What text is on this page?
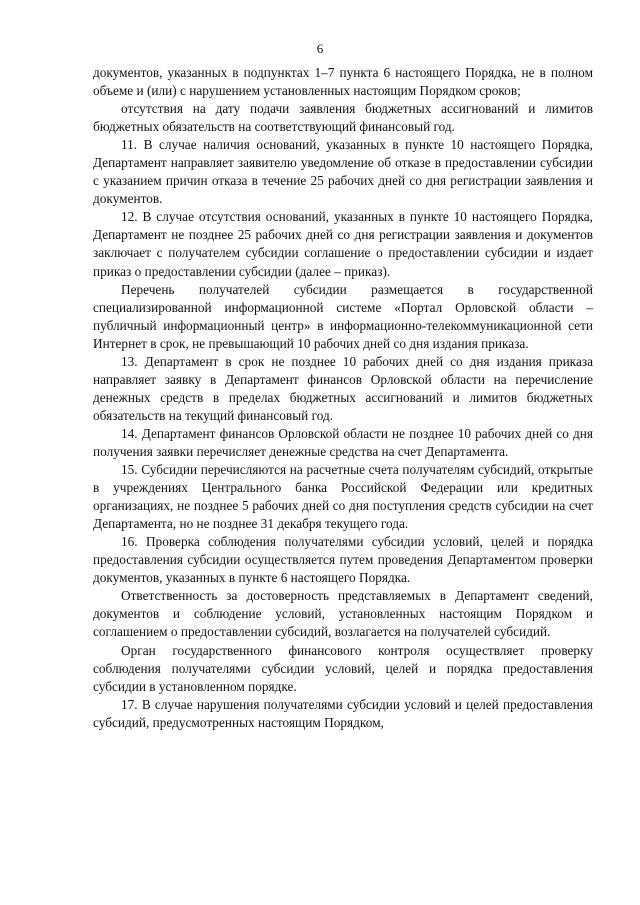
6

документов, указанных в подпунктах 1–7 пункта 6 настоящего Порядка, не в полном объеме и (или) с нарушением установленных настоящим Порядком сроков;

отсутствия на дату подачи заявления бюджетных ассигнований и лимитов бюджетных обязательств на соответствующий финансовый год.

11. В случае наличия оснований, указанных в пункте 10 настоящего Порядка, Департамент направляет заявителю уведомление об отказе в предоставлении субсидии с указанием причин отказа в течение 25 рабочих дней со дня регистрации заявления и документов.

12. В случае отсутствия оснований, указанных в пункте 10 настоящего Порядка, Департамент не позднее 25 рабочих дней со дня регистрации заявления и документов заключает с получателем субсидии соглашение о предоставлении субсидии и издает приказ о предоставлении субсидии (далее – приказ).

Перечень получателей субсидии размещается в государственной специализированной информационной системе «Портал Орловской области – публичный информационный центр» в информационно-телекоммуникационной сети Интернет в срок, не превышающий 10 рабочих дней со дня издания приказа.

13. Департамент в срок не позднее 10 рабочих дней со дня издания приказа направляет заявку в Департамент финансов Орловской области на перечисление денежных средств в пределах бюджетных ассигнований и лимитов бюджетных обязательств на текущий финансовый год.

14. Департамент финансов Орловской области не позднее 10 рабочих дней со дня получения заявки перечисляет денежные средства на счет Департамента.

15. Субсидии перечисляются на расчетные счета получателям субсидий, открытые в учреждениях Центрального банка Российской Федерации или кредитных организациях, не позднее 5 рабочих дней со дня поступления средств субсидии на счет Департамента, но не позднее 31 декабря текущего года.

16. Проверка соблюдения получателями субсидии условий, целей и порядка предоставления субсидии осуществляется путем проведения Департаментом проверки документов, указанных в пункте 6 настоящего Порядка.

Ответственность за достоверность представляемых в Департамент сведений, документов и соблюдение условий, установленных настоящим Порядком и соглашением о предоставлении субсидий, возлагается на получателей субсидий.

Орган государственного финансового контроля осуществляет проверку соблюдения получателями субсидии условий, целей и порядка предоставления субсидии в установленном порядке.

17. В случае нарушения получателями субсидии условий и целей предоставления субсидий, предусмотренных настоящим Порядком,
